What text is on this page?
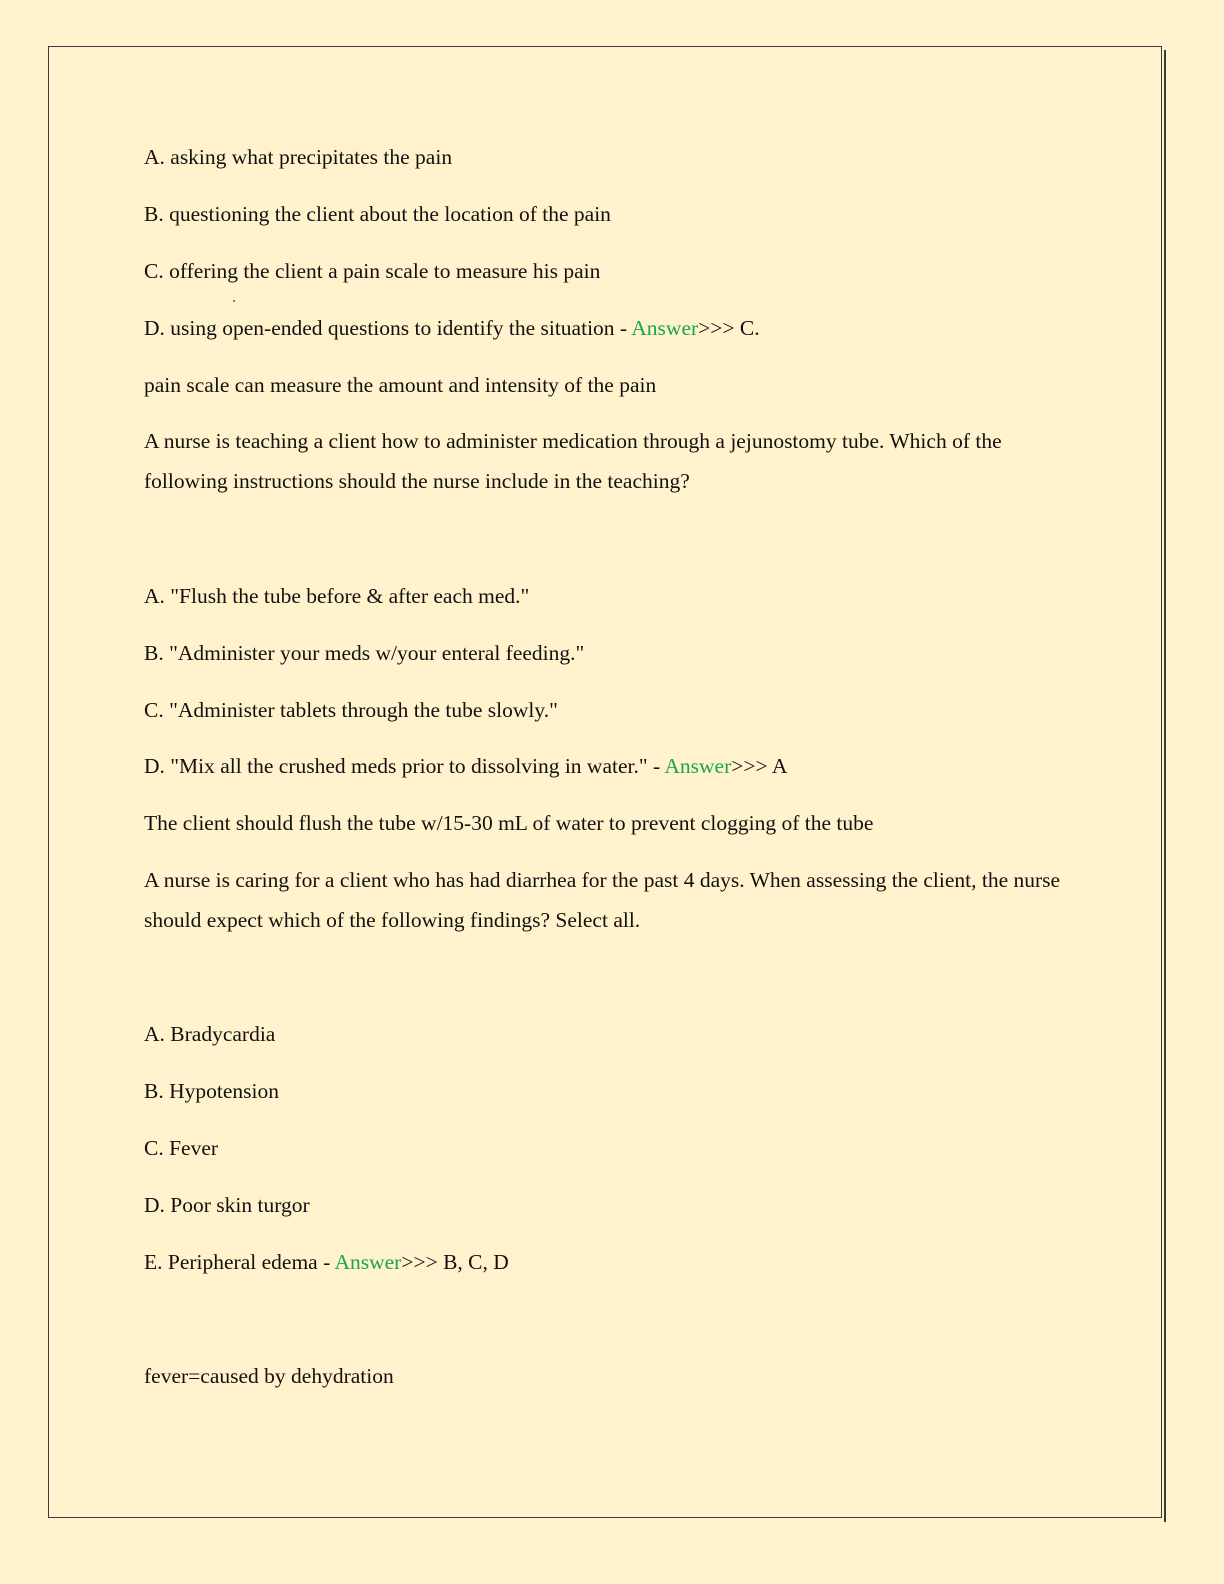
A. asking what precipitates the pain
B. questioning the client about the location of the pain
C. offering the client a pain scale to measure his pain
D. using open-ended questions to identify the situation - Answer>>> C.
pain scale can measure the amount and intensity of the pain
A nurse is teaching a client how to administer medication through a jejunostomy tube. Which of the following instructions should the nurse include in the teaching?
A. "Flush the tube before & after each med."
B. "Administer your meds w/your enteral feeding."
C. "Administer tablets through the tube slowly."
D. "Mix all the crushed meds prior to dissolving in water." - Answer>>> A
The client should flush the tube w/15-30 mL of water to prevent clogging of the tube
A nurse is caring for a client who has had diarrhea for the past 4 days. When assessing the client, the nurse should expect which of the following findings? Select all.
A. Bradycardia
B. Hypotension
C. Fever
D. Poor skin turgor
E. Peripheral edema - Answer>>> B, C, D
fever=caused by dehydration
